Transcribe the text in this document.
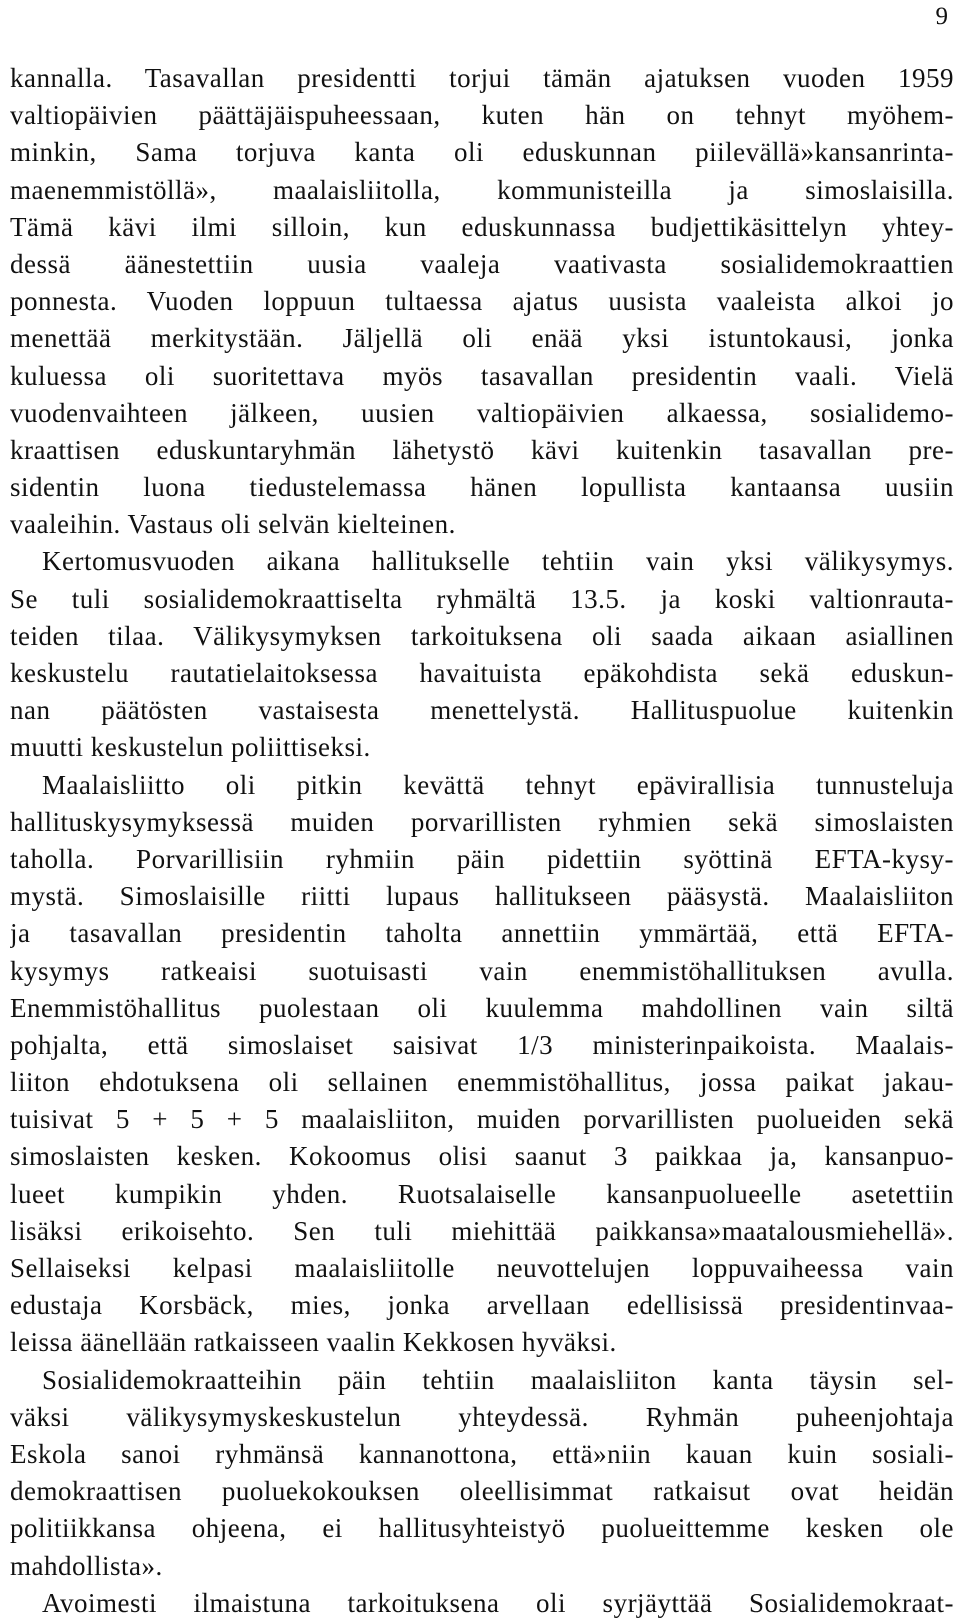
9
kannalla. Tasavallan presidentti torjui tämän ajatuksen vuoden 1959
valtiopäivien päättäjäispuheessaan, kuten hän on tehnyt myöhem-
minkin, Sama torjuva kanta oli eduskunnan piilevällä»kansanrinta-
maenemmistöllä», maalaisliitolla, kommunisteilla ja simoslaisilla.
Tämä kävi ilmi silloin, kun eduskunnassa budjettikäsittelyn yhtey-
dessä äänestettiin uusia vaaleja vaativasta sosialidemokraattien
ponnesta. Vuoden loppuun tultaessa ajatus uusista vaaleista alkoi jo
menettää merkitystään. Jäljellä oli enää yksi istuntokausi, jonka
kuluessa oli suoritettava myös tasavallan presidentin vaali. Vielä
vuodenvaihteen jälkeen, uusien valtiopäivien alkaessa, sosialidemo-
kraattisen eduskuntaryhmän lähetystö kävi kuitenkin tasavallan pre-
sidentin luona tiedustelemassa hänen lopullista kantaansa uusiin
vaaleihin. Vastaus oli selvän kielteinen.
Kertomusvuoden aikana hallitukselle tehtiin vain yksi välikysymys.
Se tuli sosialidemokraattiselta ryhmältä 13.5. ja koski valtionrauta-
teiden tilaa. Välikysymyksen tarkoituksena oli saada aikaan asiallinen
keskustelu rautatielaitoksessa havaituista epäkohdista sekä eduskun-
nan päätösten vastaisesta menettelystä. Hallituspuolue kuitenkin
muutti keskustelun poliittiseksi.
Maalaisliitto oli pitkin kevättä tehnyt epävirallisia tunnusteluja
hallituskysymyksessä muiden porvarillisten ryhmien sekä simoslaisten
taholla. Porvarillisiin ryhmiin päin pidettiin syöttinä EFTA-kysy-
mystä. Simoslaisille riitti lupaus hallitukseen pääsystä. Maalaisliiton
ja tasavallan presidentin taholta annettiin ymmärtää, että EFTA-
kysymys ratkeaisi suotuisasti vain enemmistöhallituksen avulla.
Enemmistöhallitus puolestaan oli kuulemma mahdollinen vain siltä
pohjalta, että simoslaiset saisivat 1/3 ministerinpaikoista. Maalais-
liiton ehdotuksena oli sellainen enemmistöhallitus, jossa paikat jakau-
tuisivat 5 + 5 + 5 maalaisliiton, muiden porvarillisten puolueiden sekä
simoslaisten kesken. Kokoomus olisi saanut 3 paikkaa ja, kansanpuo-
lueet kumpikin yhden. Ruotsalaiselle kansanpuolueelle asetettiin
lisäksi erikoisehto. Sen tuli miehittää paikkansa»maatalousmiehellä».
Sellaiseksi kelpasi maalaisliitolle neuvottelujen loppuvaiheessa vain
edustaja Korsbäck, mies, jonka arvellaan edellisissä presidentinvaa-
leissa äänellään ratkaisseen vaalin Kekkosen hyväksi.
Sosialidemokraatteihin päin tehtiin maalaisliiton kanta täysin sel-
väksi välikysymyskeskustelun yhteydessä. Ryhmän puheenjohtaja
Eskola sanoi ryhmänsä kannanottona, että»niin kauan kuin sosiali-
demokraattisen puoluekokouksen oleellisimmat ratkaisut ovat heidän
politiikkansa ohjeena, ei hallitusyhteistyö puolueittemme kesken ole
mahdollista».
Avoimesti ilmaistuna tarkoituksena oli syrjäyttää Sosialidemokraat-
